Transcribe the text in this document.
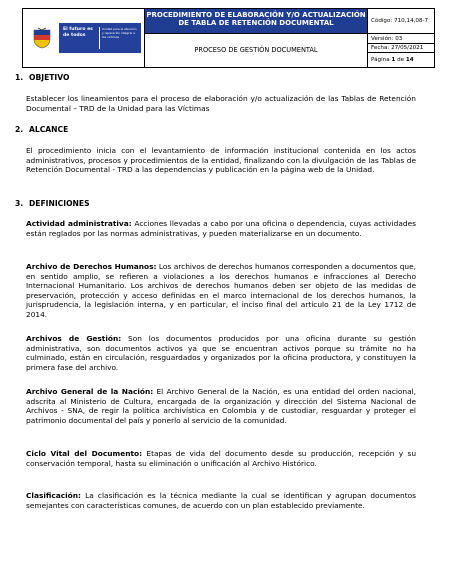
El futuro es de todos
Unidad para la atención y reparación integral a las víctimas
PROCEDIMIENTO DE ELABORACIÓN Y/O ACTUALIZACIÓN DE TABLA DE RETENCIÓN DOCUMENTAL
PROCESO DE GESTIÓN DOCUMENTAL
Código: 710,14,08-7
Versión: 03
Fecha: 27/05/2021
Página 1 de 14
1. OBJETIVO
Establecer los lineamientos para el proceso de elaboración y/o actualización de las Tablas de Retención Documental – TRD de la Unidad para las Víctimas
2. ALCANCE
El procedimiento inicia con el levantamiento de información institucional contenida en los actos administrativos, procesos y procedimientos de la entidad, finalizando con la divulgación de las Tablas de Retención Documental - TRD a las dependencias y publicación en la página web de la Unidad.
3. DEFINICIONES
Actividad administrativa: Acciones llevadas a cabo por una oficina o dependencia, cuyas actividades están reglados por las normas administrativas, y pueden materializarse en un documento.
Archivo de Derechos Humanos: Los archivos de derechos humanos corresponden a documentos que, en sentido amplio, se refieren a violaciones a los derechos humanos e infracciones al Derecho Internacional Humanitario. Los archivos de derechos humanos deben ser objeto de las medidas de preservación, protección y acceso definidas en el marco internacional de los derechos humanos, la jurisprudencia, la legislación interna, y en particular, el inciso final del artículo 21 de la Ley 1712 de 2014.
Archivos de Gestión: Son los documentos producidos por una oficina durante su gestión administrativa, son documentos activos ya que se encuentran activos porque su trámite no ha culminado, están en circulación, resguardados y organizados por la oficina productora, y constituyen la primera fase del archivo.
Archivo General de la Nación: El Archivo General de la Nación, es una entidad del orden nacional, adscrita al Ministerio de Cultura, encargada de la organización y dirección del Sistema Nacional de Archivos - SNA, de regir la política archivística en Colombia y de custodiar, resguardar y proteger el patrimonio documental del país y ponerlo al servicio de la comunidad.
Ciclo Vital del Documento: Etapas de vida del documento desde su producción, recepción y su conservación temporal, hasta su eliminación o unificación al Archivo Histórico.
Clasificación: La clasificación es la técnica mediante la cual se identifican y agrupan documentos semejantes con características comunes, de acuerdo con un plan establecido previamente.
